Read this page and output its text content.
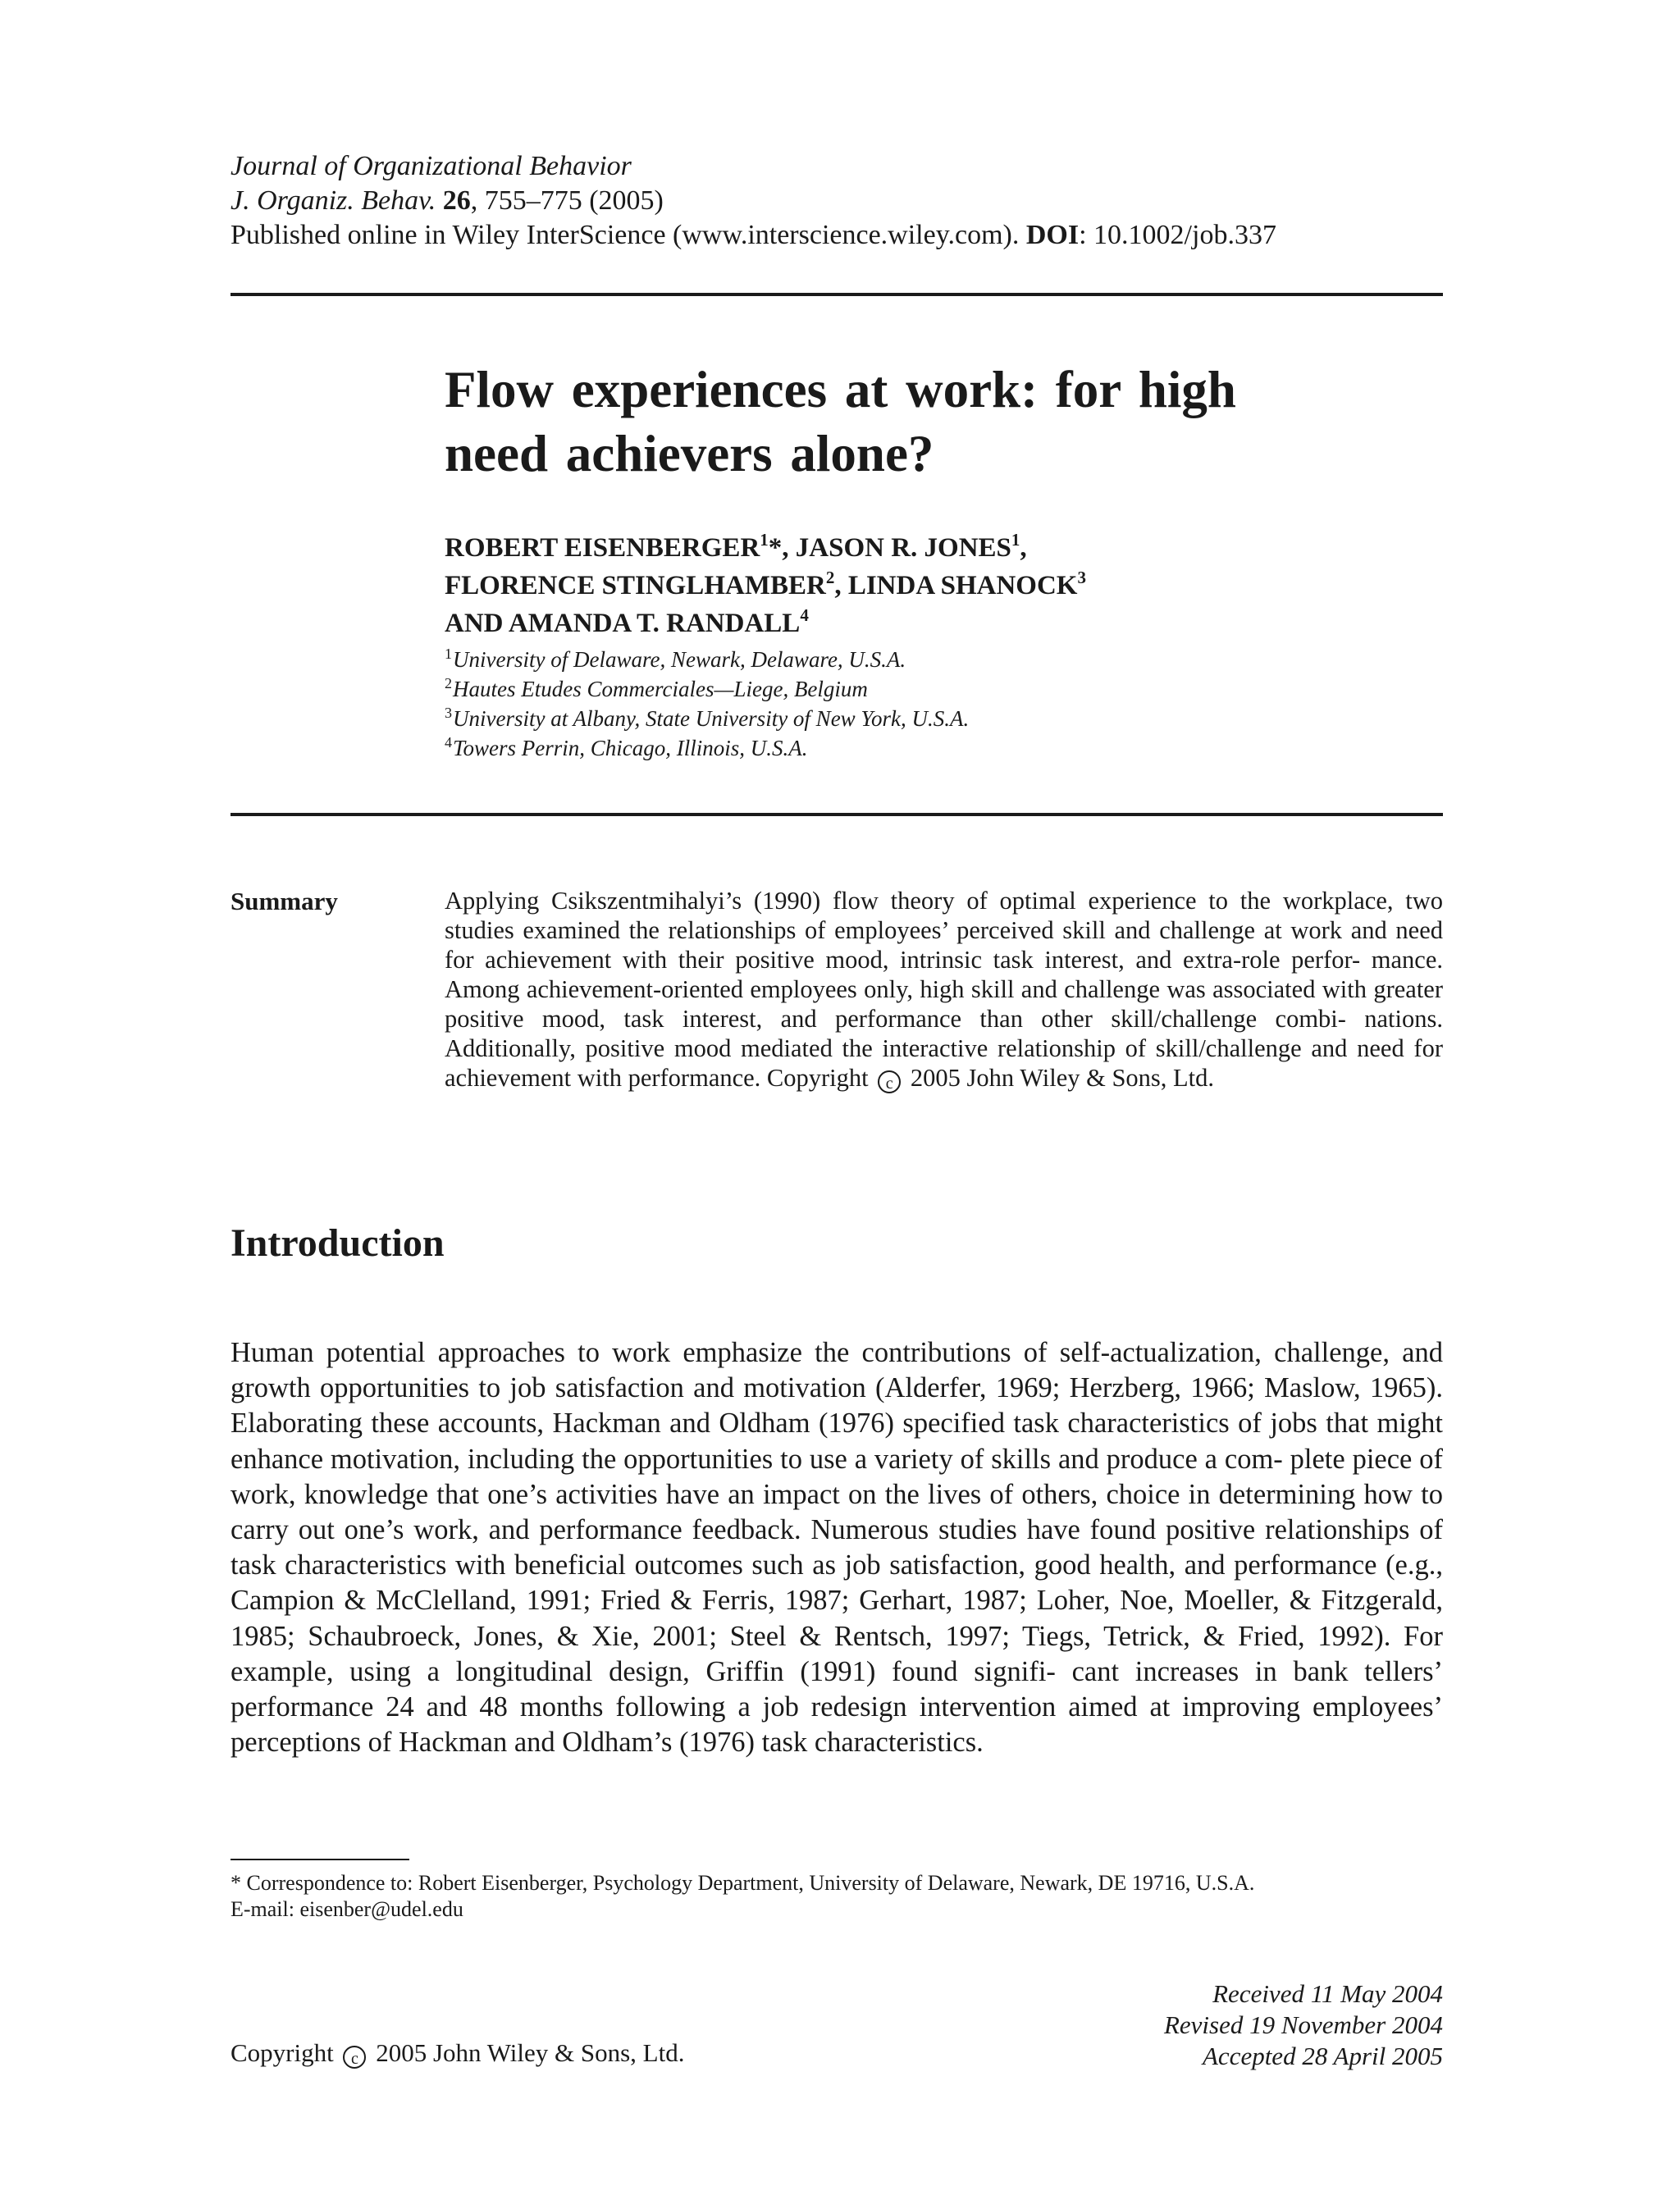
Journal of Organizational Behavior
J. Organiz. Behav. 26, 755–775 (2005)
Published online in Wiley InterScience (www.interscience.wiley.com). DOI: 10.1002/job.337
Flow experiences at work: for high
need achievers alone?
ROBERT EISENBERGER$^1$*, JASON R. JONES$^1$,
FLORENCE STINGLHAMBER$^2$, LINDA SHANOCK$^3$
AND AMANDA T. RANDALL$^4$
$^1$University of Delaware, Newark, Delaware, U.S.A.
$^2$Hautes Etudes Commerciales—Liege, Belgium
$^3$University at Albany, State University of New York, U.S.A.
$^4$Towers Perrin, Chicago, Illinois, U.S.A.
Summary	Applying Csikszentmihalyi’s (1990) flow theory of optimal experience to the workplace, two studies examined the relationships of employees’ perceived skill and challenge at work and need for achievement with their positive mood, intrinsic task interest, and extra-role perfor- mance. Among achievement-oriented employees only, high skill and challenge was associated with greater positive mood, task interest, and performance than other skill/challenge combi- nations. Additionally, positive mood mediated the interactive relationship of skill/challenge and need for achievement with performance. Copyright c 2005 John Wiley & Sons, Ltd.
Introduction
Human potential approaches to work emphasize the contributions of self-actualization, challenge, and growth opportunities to job satisfaction and motivation (Alderfer, 1969; Herzberg, 1966; Maslow, 1965). Elaborating these accounts, Hackman and Oldham (1976) specified task characteristics of jobs that might enhance motivation, including the opportunities to use a variety of skills and produce a com- plete piece of work, knowledge that one’s activities have an impact on the lives of others, choice in determining how to carry out one’s work, and performance feedback. Numerous studies have found positive relationships of task characteristics with beneficial outcomes such as job satisfaction, good health, and performance (e.g., Campion & McClelland, 1991; Fried & Ferris, 1987; Gerhart, 1987; Loher, Noe, Moeller, & Fitzgerald, 1985; Schaubroeck, Jones, & Xie, 2001; Steel & Rentsch, 1997; Tiegs, Tetrick, & Fried, 1992). For example, using a longitudinal design, Griffin (1991) found signifi- cant increases in bank tellers’ performance 24 and 48 months following a job redesign intervention aimed at improving employees’ perceptions of Hackman and Oldham’s (1976) task characteristics.
* Correspondence to: Robert Eisenberger, Psychology Department, University of Delaware, Newark, DE 19716, U.S.A.
E-mail: eisenber@udel.edu
Received 11 May 2004
Revised 19 November 2004
Accepted 28 April 2005
Copyright c 2005 John Wiley & Sons, Ltd.
